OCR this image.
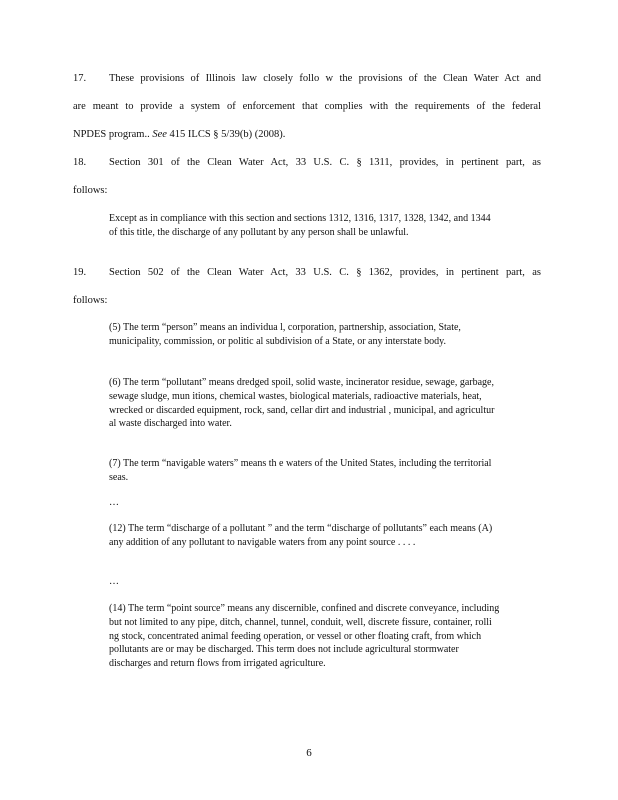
17. These provisions of Illinois law closely follo w the provisions of the Clean Water Act and

are meant to provide a system of enforcement that complies with the requirements of the federal

NPDES program.. See 415 ILCS § 5/39(b) (2008).

18. Section 301 of the Clean Water Act, 33 U.S. C. § 1311, provides, in pertinent part, as

follows:

Except as in compliance with this section and sections 1312, 1316, 1317, 1328, 1342, and 1344 of this title, the discharge of any pollutant by any person shall be unlawful.

19. Section 502 of the Clean Water Act, 33 U.S. C. § 1362, provides, in pertinent part, as

follows:

(5) The term “person” means an individua l, corporation, partnership, association, State, municipality, commission, or politic al subdivision of a State, or any interstate body.

(6) The term “pollutant” means dredged spoil, solid waste, incinerator residue, sewage, garbage, sewage sludge, mun itions, chemical wastes, biological materials, radioactive materials, heat, wrecked or discarded equipment, rock, sand, cellar dirt and industrial , municipal, and agricultur al waste discharged into water.

(7) The term “navigable waters” means th e waters of the United States, including the territorial seas.

…

(12) The term “discharge of a pollutant ” and the term “discharge of pollutants” each means (A) any addition of any pollutant to navigable waters from any point source . . . .

…

(14) The term “point source” means any discernible, confined and discrete conveyance, including but not limited to any pipe, ditch, channel, tunnel, conduit, well, discrete fissure, container, rolli ng stock, concentrated animal feeding operation, or vessel or other floating craft, from which pollutants are or may be discharged. This term does not include agricultural stormwater discharges and return flows from irrigated agriculture.

6
